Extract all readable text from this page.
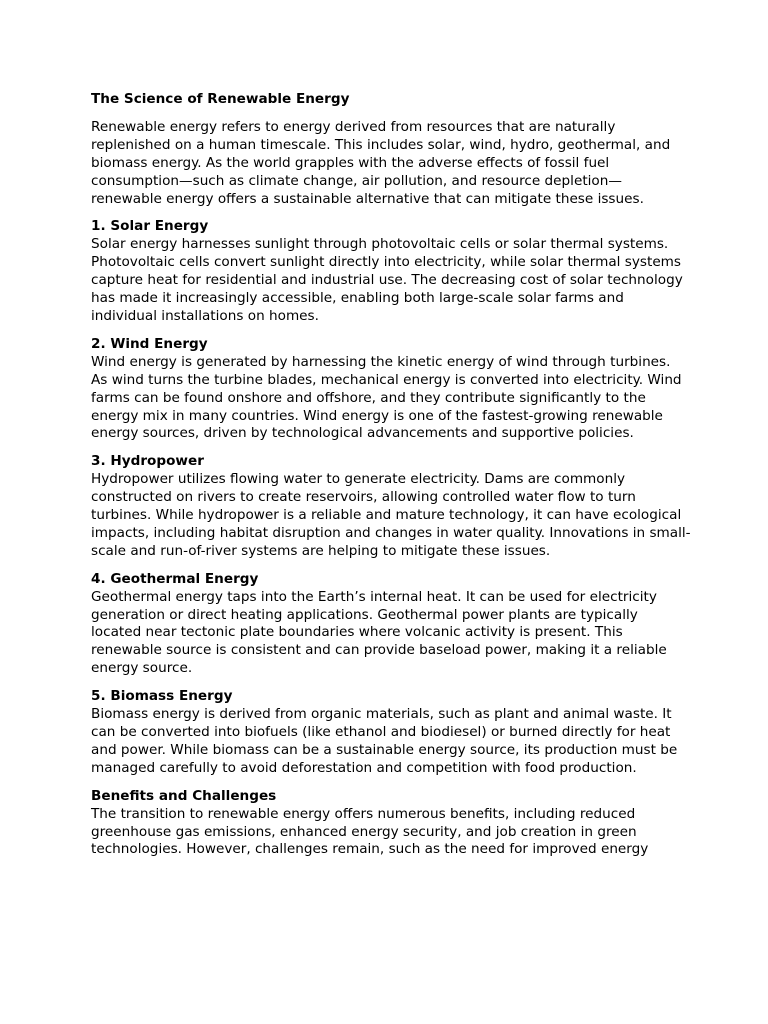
The Science of Renewable Energy
Renewable energy refers to energy derived from resources that are naturally replenished on a human timescale. This includes solar, wind, hydro, geothermal, and biomass energy. As the world grapples with the adverse effects of fossil fuel consumption—such as climate change, air pollution, and resource depletion—renewable energy offers a sustainable alternative that can mitigate these issues.
1. Solar Energy
Solar energy harnesses sunlight through photovoltaic cells or solar thermal systems. Photovoltaic cells convert sunlight directly into electricity, while solar thermal systems capture heat for residential and industrial use. The decreasing cost of solar technology has made it increasingly accessible, enabling both large-scale solar farms and individual installations on homes.
2. Wind Energy
Wind energy is generated by harnessing the kinetic energy of wind through turbines. As wind turns the turbine blades, mechanical energy is converted into electricity. Wind farms can be found onshore and offshore, and they contribute significantly to the energy mix in many countries. Wind energy is one of the fastest-growing renewable energy sources, driven by technological advancements and supportive policies.
3. Hydropower
Hydropower utilizes flowing water to generate electricity. Dams are commonly constructed on rivers to create reservoirs, allowing controlled water flow to turn turbines. While hydropower is a reliable and mature technology, it can have ecological impacts, including habitat disruption and changes in water quality. Innovations in small-scale and run-of-river systems are helping to mitigate these issues.
4. Geothermal Energy
Geothermal energy taps into the Earth’s internal heat. It can be used for electricity generation or direct heating applications. Geothermal power plants are typically located near tectonic plate boundaries where volcanic activity is present. This renewable source is consistent and can provide baseload power, making it a reliable energy source.
5. Biomass Energy
Biomass energy is derived from organic materials, such as plant and animal waste. It can be converted into biofuels (like ethanol and biodiesel) or burned directly for heat and power. While biomass can be a sustainable energy source, its production must be managed carefully to avoid deforestation and competition with food production.
Benefits and Challenges
The transition to renewable energy offers numerous benefits, including reduced greenhouse gas emissions, enhanced energy security, and job creation in green technologies. However, challenges remain, such as the need for improved energy
